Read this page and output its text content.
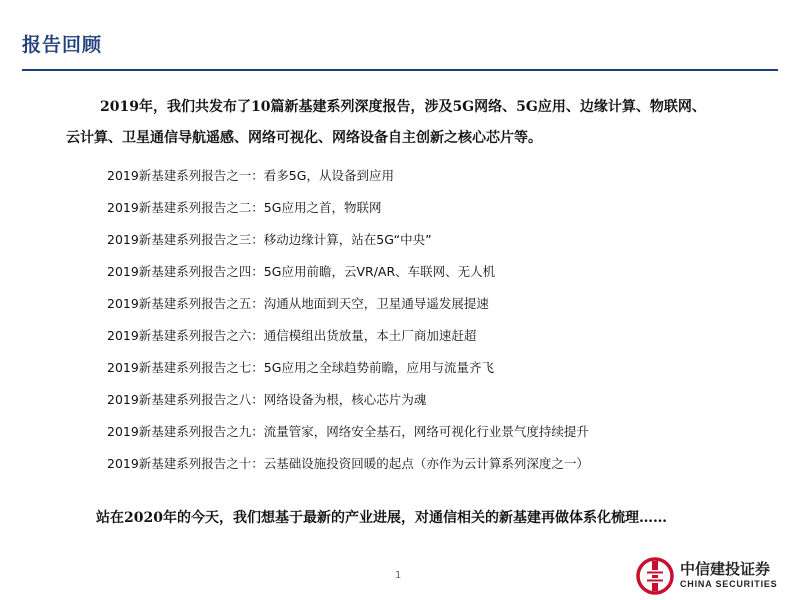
报告回顾

2019年，我们共发布了10篇新基建系列深度报告，涉及5G网络、5G应用、边缘计算、物联网、

云计算、卫星通信导航遥感、网络可视化、网络设备自主创新之核心芯片等。

2019新基建系列报告之一：看多5G，从设备到应用
2019新基建系列报告之二：5G应用之首，物联网
2019新基建系列报告之三：移动边缘计算，站在5G“中央”
2019新基建系列报告之四：5G应用前瞻，云VR/AR、车联网、无人机
2019新基建系列报告之五：沟通从地面到天空，卫星通导遥发展提速
2019新基建系列报告之六：通信模组出货放量，本土厂商加速赶超
2019新基建系列报告之七：5G应用之全球趋势前瞻，应用与流量齐飞
2019新基建系列报告之八：网络设备为根，核心芯片为魂
2019新基建系列报告之九：流量管家，网络安全基石，网络可视化行业景气度持续提升
2019新基建系列报告之十：云基础设施投资回暖的起点（亦作为云计算系列深度之一）
站在2020年的今天，我们想基于最新的产业进展，对通信相关的新基建再做体系化梳理……
1	中信建投证券
CHINA SECURITIES
